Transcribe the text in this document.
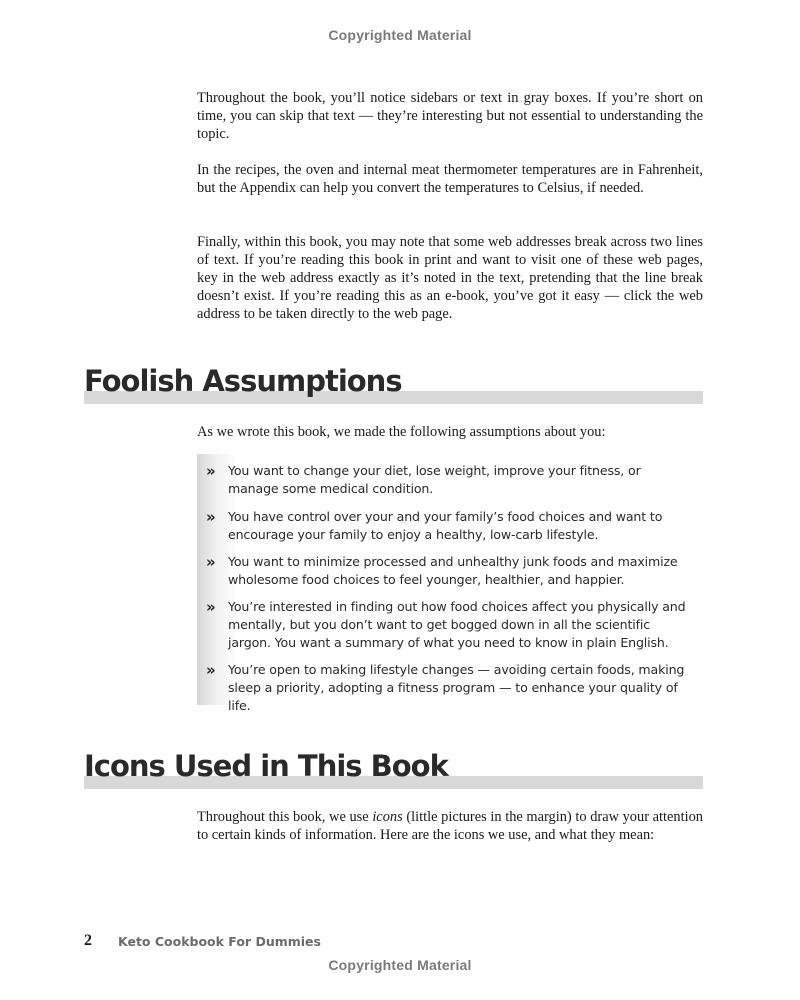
Copyrighted Material

Throughout the book, you’ll notice sidebars or text in gray boxes. If you’re short on time, you can skip that text — they’re interesting but not essential to understanding the topic.

In the recipes, the oven and internal meat thermometer temperatures are in Fahrenheit, but the Appendix can help you convert the temperatures to Celsius, if needed.

Finally, within this book, you may note that some web addresses break across two lines of text. If you’re reading this book in print and want to visit one of these web pages, key in the web address exactly as it’s noted in the text, pretending that the line break doesn’t exist. If you’re reading this as an e-book, you’ve got it easy — click the web address to be taken directly to the web page.

Foolish Assumptions

As we wrote this book, we made the following assumptions about you:

» You want to change your diet, lose weight, improve your fitness, or manage some medical condition.
» You have control over your and your family’s food choices and want to encourage your family to enjoy a healthy, low-carb lifestyle.
» You want to minimize processed and unhealthy junk foods and maximize wholesome food choices to feel younger, healthier, and happier.
» You’re interested in finding out how food choices affect you physically and mentally, but you don’t want to get bogged down in all the scientific jargon. You want a summary of what you need to know in plain English.
» You’re open to making lifestyle changes — avoiding certain foods, making sleep a priority, adopting a fitness program — to enhance your quality of life.
Icons Used in This Book

Throughout this book, we use icons (little pictures in the margin) to draw your attention to certain kinds of information. Here are the icons we use, and what they mean:

2 Keto Cookbook For Dummies
Copyrighted Material
